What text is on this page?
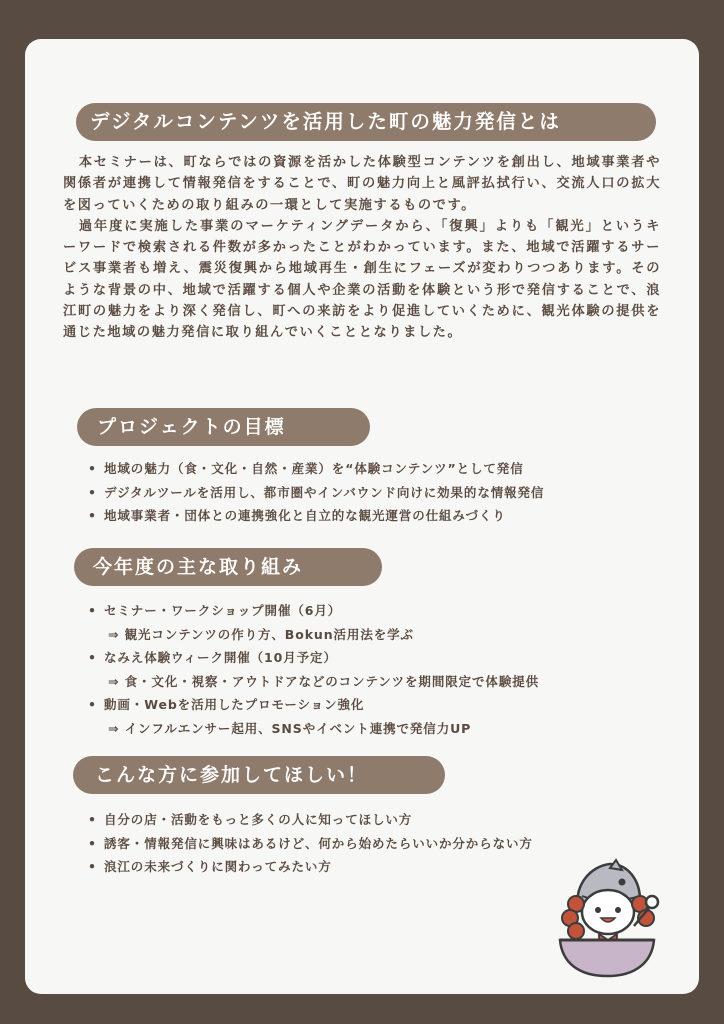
デジタルコンテンツを活用した町の魅力発信とは

本セミナーは、町ならではの資源を活かした体験型コンテンツを創出し、地域事業者や関係者が連携して情報発信をすることで、町の魅力向上と風評払拭行い、交流人口の拡大を図っていくための取り組みの一環として実施するものです。

過年度に実施した事業のマーケティングデータから、「復興」よりも「観光」というキーワードで検索される件数が多かったことがわかっています。また、地域で活躍するサービス事業者も増え、震災復興から地域再生・創生にフェーズが変わりつつあります。そのような背景の中、地域で活躍する個人や企業の活動を体験という形で発信することで、浪江町の魅力をより深く発信し、町への来訪をより促進していくために、観光体験の提供を通じた地域の魅力発信に取り組んでいくこととなりました。

プロジェクトの目標
• 地域の魅力（食・文化・自然・産業）を“体験コンテンツ”として発信
• デジタルツールを活用し、都市圏やインバウンド向けに効果的な情報発信
• 地域事業者・団体との連携強化と自立的な観光運営の仕組みづくり
今年度の主な取り組み
• セミナー・ワークショップ開催（6月）
⇒ 観光コンテンツの作り方、Bokun活用法を学ぶ
• なみえ体験ウィーク開催（10月予定）
⇒ 食・文化・視察・アウトドアなどのコンテンツを期間限定で体験提供
• 動画・Webを活用したプロモーション強化
⇒ インフルエンサー起用、SNSやイベント連携で発信力UP
こんな方に参加してほしい！
• 自分の店・活動をもっと多くの人に知ってほしい方
• 誘客・情報発信に興味はあるけど、何から始めたらいいか分からない方
• 浪江の未来づくりに関わってみたい方
